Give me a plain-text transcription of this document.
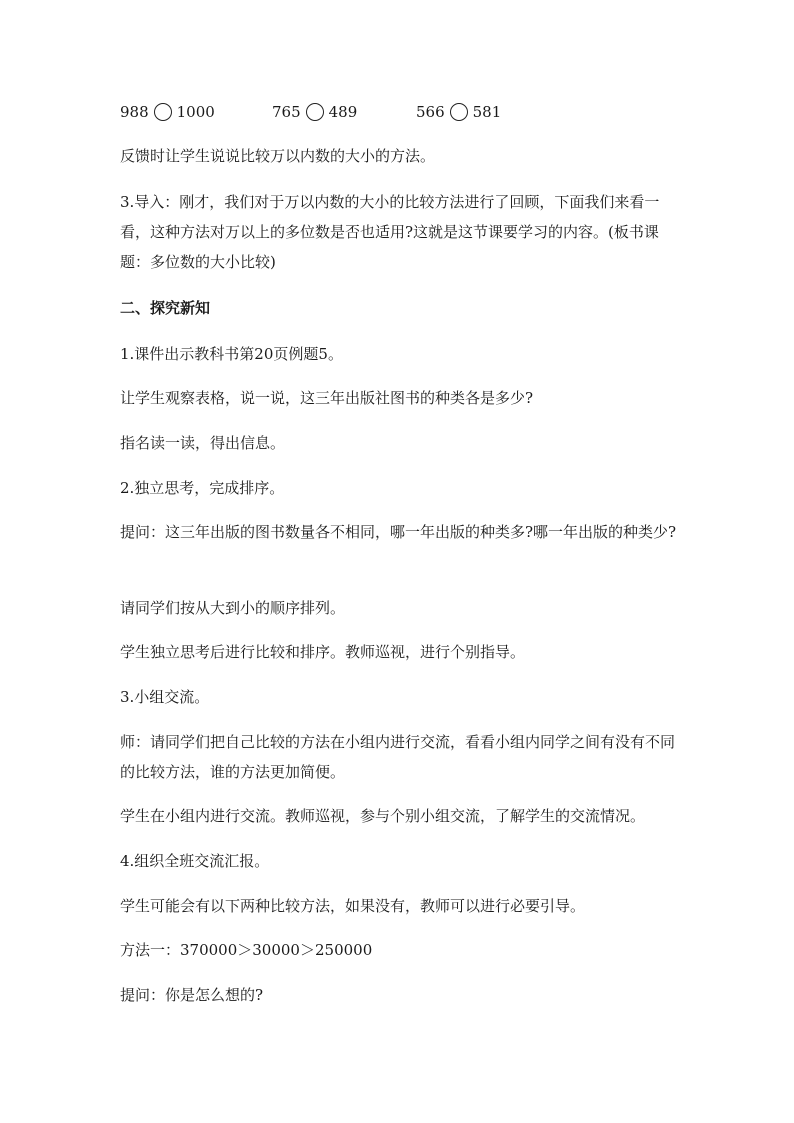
988 1000	765 489	566 581

反馈时让学生说说比较万以内数的大小的方法。

3.导入：刚才，我们对于万以内数的大小的比较方法进行了回顾，下面我们来看一看，这种方法对万以上的多位数是否也适用?这就是这节课要学习的内容。(板书课题：多位数的大小比较)

二、探究新知

1.课件出示教科书第20页例题5。

让学生观察表格，说一说，这三年出版社图书的种类各是多少?

指名读一读，得出信息。

2.独立思考，完成排序。

提问：这三年出版的图书数量各不相同，哪一年出版的种类多?哪一年出版的种类少?

请同学们按从大到小的顺序排列。

学生独立思考后进行比较和排序。教师巡视，进行个别指导。

3.小组交流。

师：请同学们把自己比较的方法在小组内进行交流，看看小组内同学之间有没有不同的比较方法，谁的方法更加简便。

学生在小组内进行交流。教师巡视，参与个别小组交流，了解学生的交流情况。

4.组织全班交流汇报。

学生可能会有以下两种比较方法，如果没有，教师可以进行必要引导。

方法一：370000＞30000＞250000

提问：你是怎么想的?
